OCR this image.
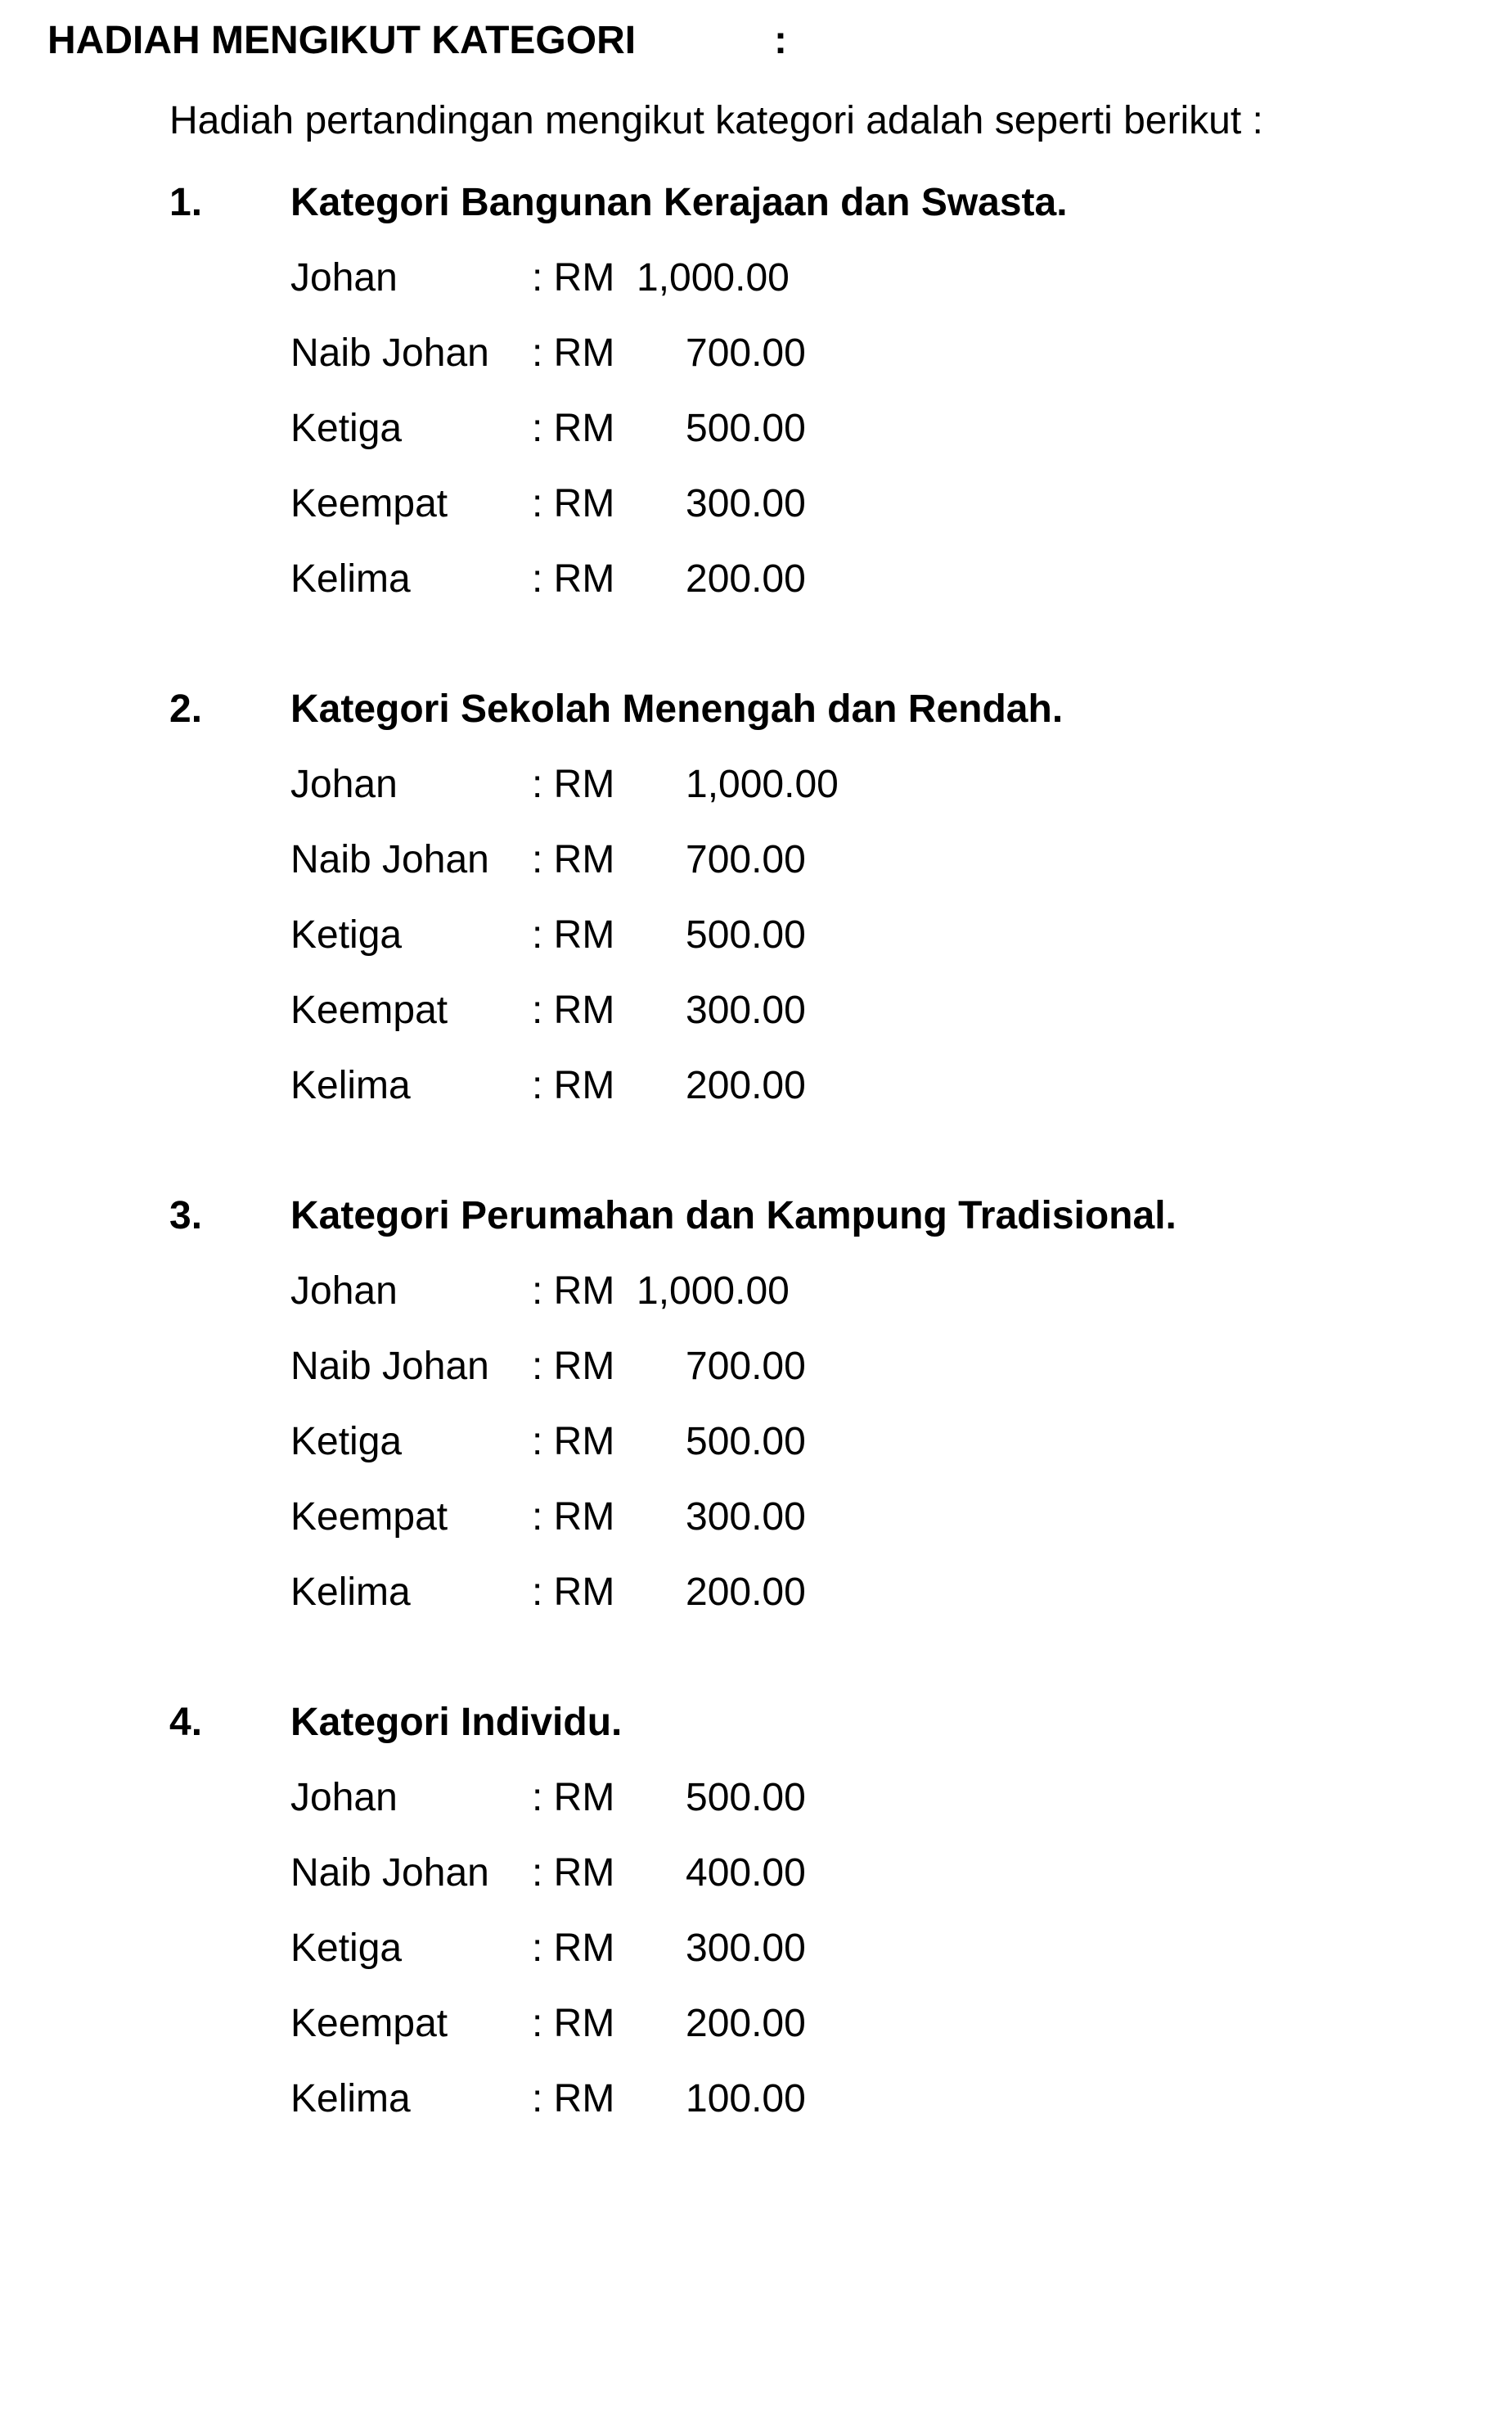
HADIAH MENGIKUT KATEGORI	:
Hadiah pertandingan mengikut kategori adalah seperti berikut :
1. Kategori Bangunan Kerajaan dan Swasta.
Johan	: RM 1,000.00
Naib Johan : RM 700.00
Ketiga	: RM 500.00
Keempat : RM 300.00
Kelima	: RM 200.00
2. Kategori Sekolah Menengah dan Rendah.
Johan	: RM 1,000.00
Naib Johan : RM 700.00
Ketiga	: RM 500.00
Keempat : RM 300.00
Kelima	: RM 200.00
3. Kategori Perumahan dan Kampung Tradisional.
Johan	: RM 1,000.00
Naib Johan : RM 700.00
Ketiga	: RM 500.00
Keempat : RM 300.00
Kelima	: RM 200.00
4. Kategori Individu.
Johan	: RM 500.00
Naib Johan : RM 400.00
Ketiga	: RM 300.00
Keempat : RM 200.00
Kelima	: RM 100.00
